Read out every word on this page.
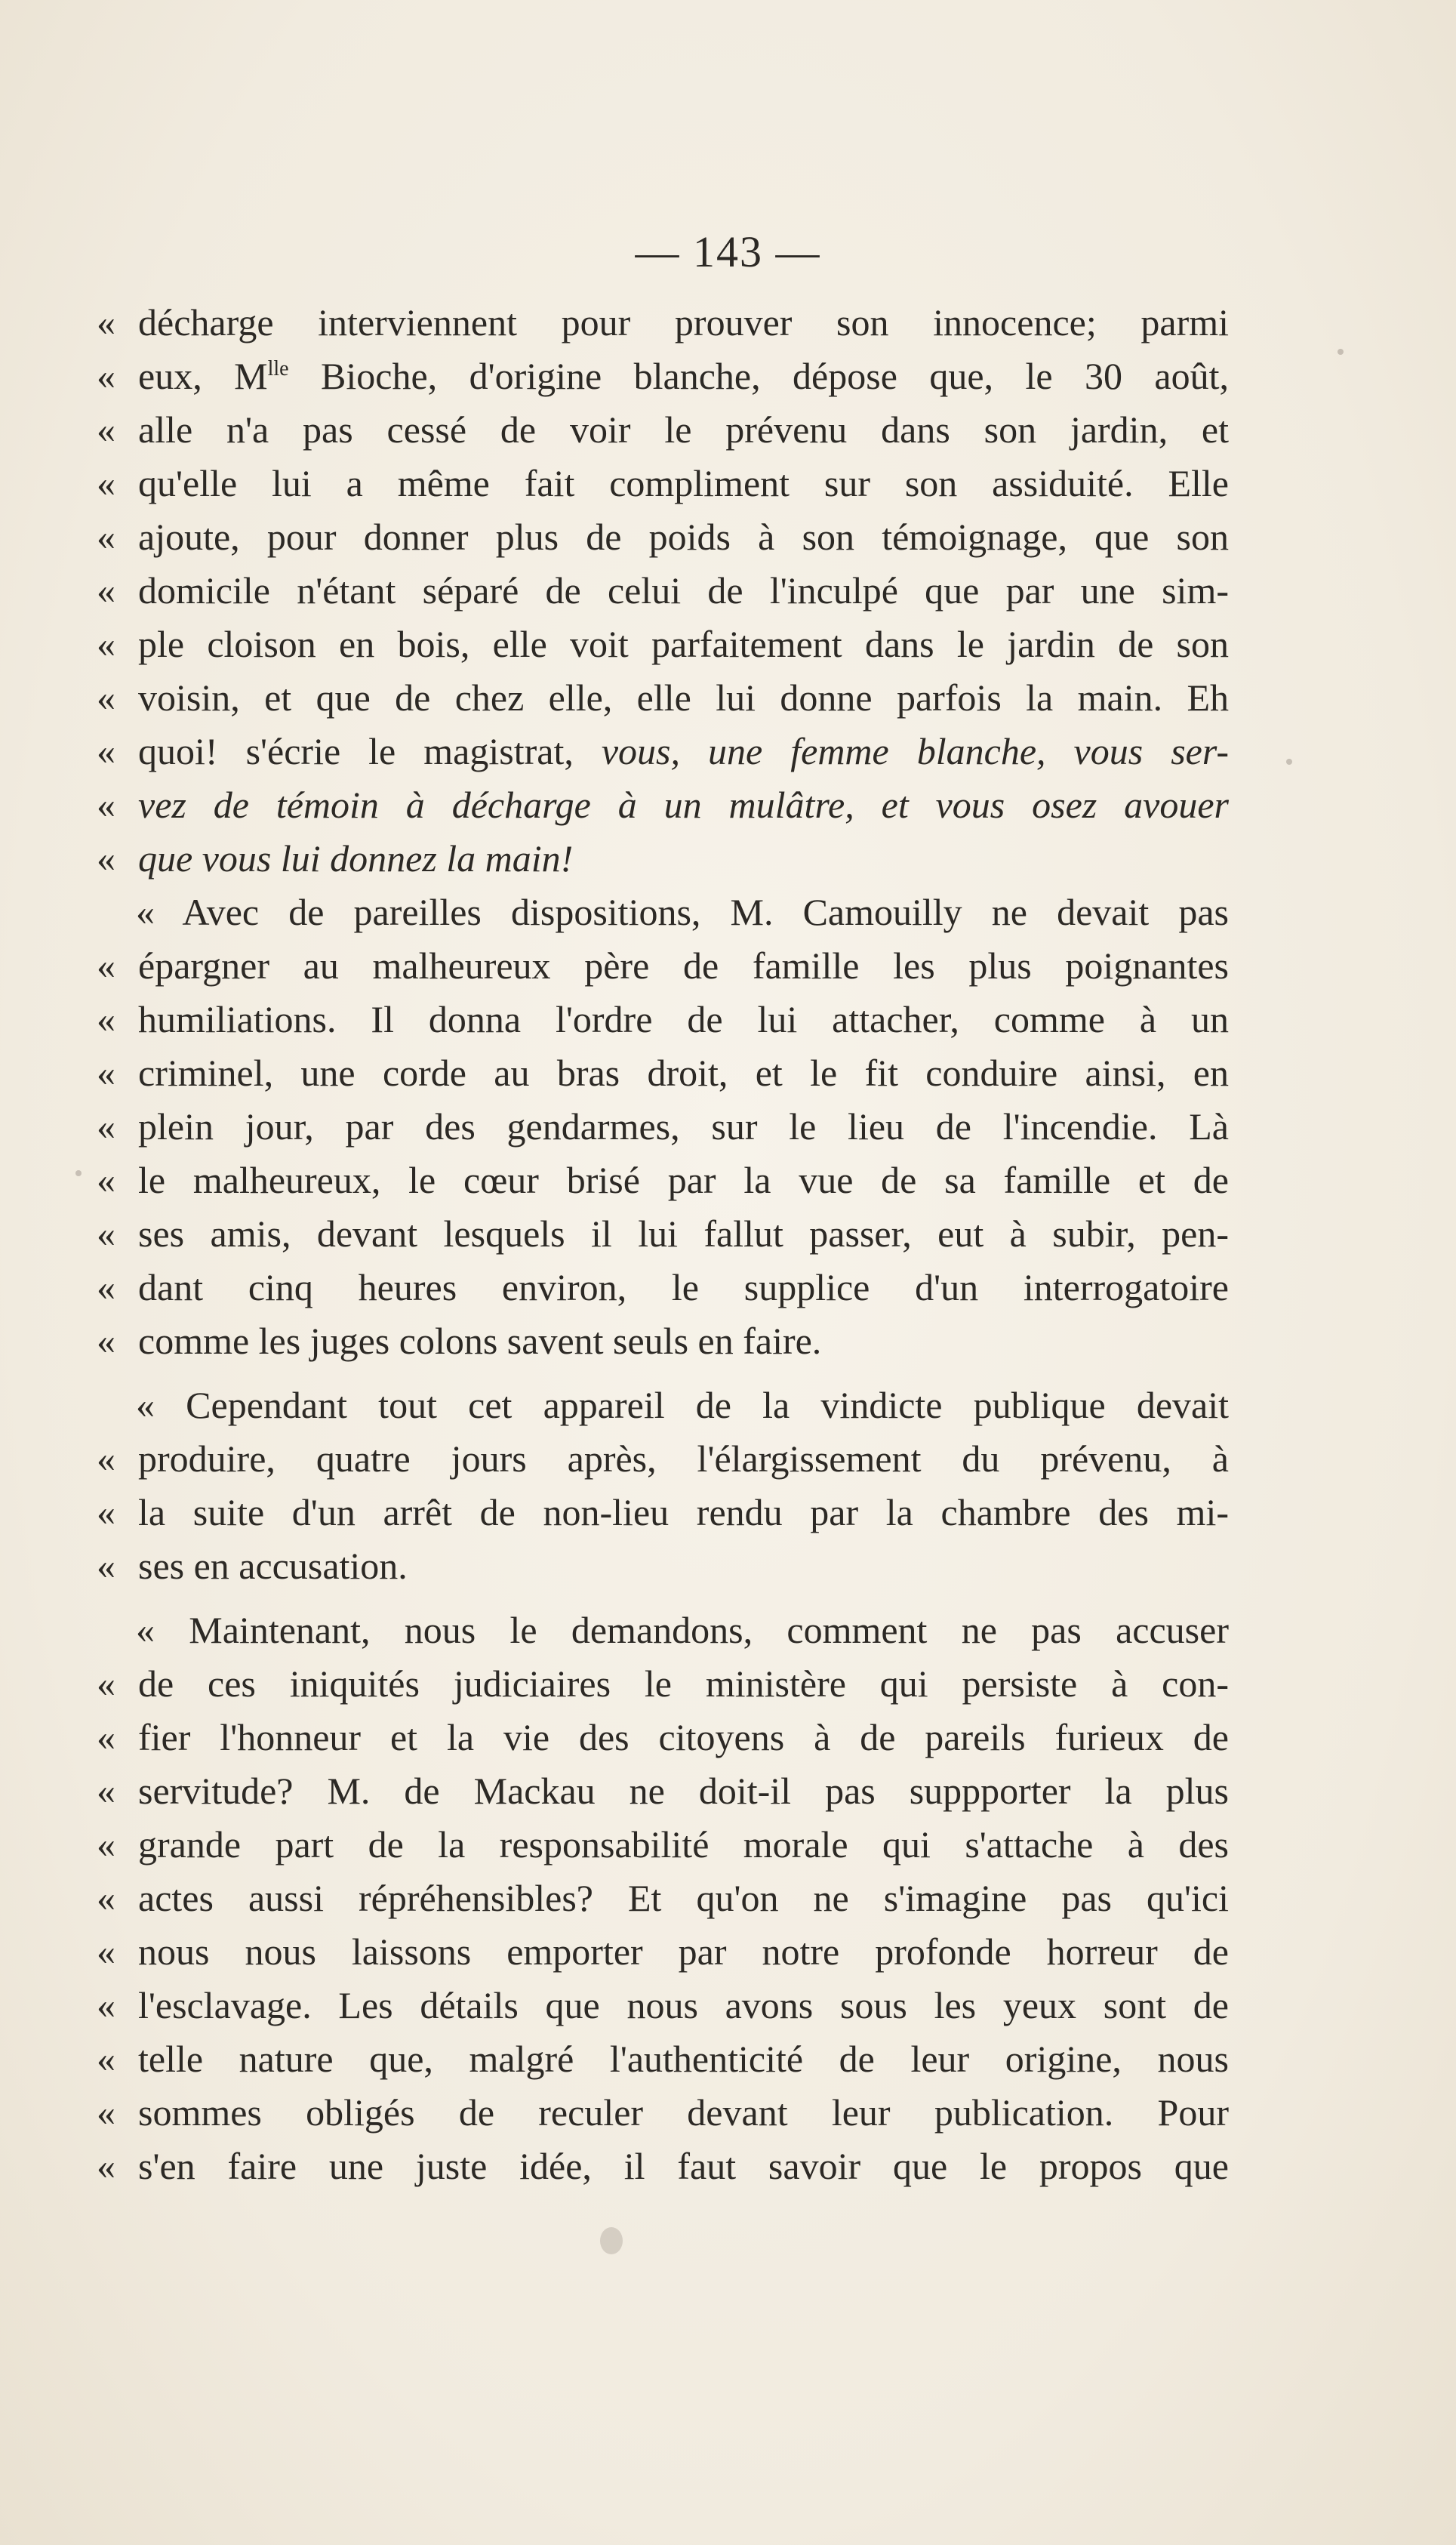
— 143 —
« décharge interviennent pour prouver son innocence; parmi
« eux, $M^{lle}$ Bioche, d'origine blanche, dépose que, le 30 août,
« alle n'a pas cessé de voir le prévenu dans son jardin, et
« qu'elle lui a même fait compliment sur son assiduité. Elle
« ajoute, pour donner plus de poids à son témoignage, que son
« domicile n'étant séparé de celui de l'inculpé que par une sim-
« ple cloison en bois, elle voit parfaitement dans le jardin de son
« voisin, et que de chez elle, elle lui donne parfois la main. Eh
« quoi! s'écrie le magistrat, vous, une femme blanche, vous ser-
« vez de témoin à décharge à un mulâtre, et vous osez avouer
« que vous lui donnez la main!
« Avec de pareilles dispositions, M. Camouilly ne devait pas
« épargner au malheureux père de famille les plus poignantes
« humiliations. Il donna l'ordre de lui attacher, comme à un
« criminel, une corde au bras droit, et le fit conduire ainsi, en
« plein jour, par des gendarmes, sur le lieu de l'incendie. Là
« le malheureux, le cœur brisé par la vue de sa famille et de
« ses amis, devant lesquels il lui fallut passer, eut à subir, pen-
« dant cinq heures environ, le supplice d'un interrogatoire
« comme les juges colons savent seuls en faire.
« Cependant tout cet appareil de la vindicte publique devait
« produire, quatre jours après, l'élargissement du prévenu, à
« la suite d'un arrêt de non-lieu rendu par la chambre des mi-
« ses en accusation.
« Maintenant, nous le demandons, comment ne pas accuser
« de ces iniquités judiciaires le ministère qui persiste à con-
« fier l'honneur et la vie des citoyens à de pareils furieux de
« servitude? M. de Mackau ne doit-il pas suppporter la plus
« grande part de la responsabilité morale qui s'attache à des
« actes aussi répréhensibles? Et qu'on ne s'imagine pas qu'ici
« nous nous laissons emporter par notre profonde horreur de
« l'esclavage. Les détails que nous avons sous les yeux sont de
« telle nature que, malgré l'authenticité de leur origine, nous
« sommes obligés de reculer devant leur publication. Pour
« s'en faire une juste idée, il faut savoir que le propos que
